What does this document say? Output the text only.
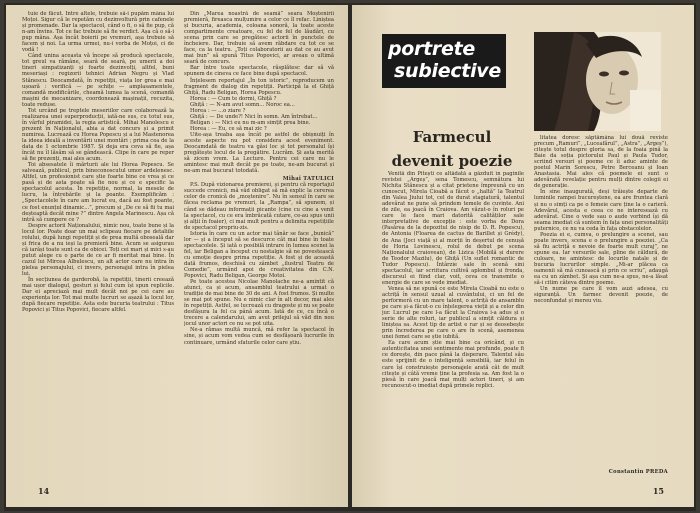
tuie de făcut. Între altele, trebuie să-i pupăm mâna lui Moțoi. Sigur că le repetăm cu dezinvoltură prin cafenele și promenade. Dar la spectacol, când o fi, o să fie pup, că n-am învins. Tot ce fac trebuie să fie verdict. Așa că o să-i pup mâna. Așa încât boierii pe vremuri, așa trebuie să facem și noi. La urma urmei, nu-i vorba de Moțoi, ci de vodă !

Când unina aceasta vă începe să producă spectacole, tot greul va rămâne, seară de seară, pe umerii a doi tineri simpatizanți și foarte dezinvolți, altfel, buni meseriași : regizorii tehnici Adrian Negru și Vlad Stănescu. Deocamdată, în repetiții, viața lor grea e mai ușoară : verifică — pe schițe — amplasamentele, comandă modificările, cheamă lumea la scenă, comandă mașini de mecanizare, coordonează mașinații, recuzita, toate reduse.

Tot urcând pe treptele meseriilor care colaborează la realizarea unei superproducții, iată-ne sus, cu totul sus, în vârful piramidei, la regia artistică. Mihai Manolescu e prezent în Naționalul, abia a dat concurs și a primit numirea. Lucrează cu Horea Popescu și a lui Mastenorea la ideea ideală a inventării unei montări ; prima cea de la data de 1 octombrie 1987. Și deja era ceva să fie, așa încât nu îl lăsăm să se gândească. Clipe în care pe reper să fie prezenți, mai ales acum.

Toi absesatele îi mărturii ale lui Horea Popescu. Se salvează, publicul, prin bineconoscutul umor ardelenesc. Altfel, un profesionist care știe foarte bine ce vrea și ce pasă și de asta poate să fie nou și ce e specific la spectacolul acesta. În repetiție, normal, la mesele de lucru, la întrebările și la poante. Exemplificăm : „Spectacolele în care am lucrat eu, dacă au fost poante, ce fost enunțul dinamic...”, precum și „De ce să fii tu mai deșteaptă decât mine ?” dintre Angela Marinescu. Așa că intră să cumpere ce ?

Despre actorii Naționalului, nimic nou, toate bune și la locul lor. Poate doar un mai sclipeau fiecare pe detaliile rolului, după lungi repetiții și de prea multă oboseală dar și frica de a nu ieși la premieră bine. Acum se asigurau că iarăși toate sunt ca de obicei. Toți cei mari și mici s-au putut alege cu o parte de ce ar fi meritat mai bine. În cazul lui Mircea Albulescu, un alt actor care nu intra în pielea personajului, ci invers, personajul intra în pielea lui.

În secțiunea de garderobă, la repetiții, tinerii creează mai ușor dialogul, gesturi și felul cum își spun replicile. Dar ei apreciază mai mult decât noi pe cei care au experiența lor. Tot mai multe lucruri se așază la locul lor, după fiecare repetiție. Asta este bucuria teatrului : Titus Popovici și Titus Popovici, fiecare altfel.

Din „Marea noastră de seamă” seara Moștenirii premieră, fireasca mulțumire a celor ce îl refac. Liniștea și bucuria, academia, coloana sonoră, la toate aceste compartimente creatoare, cu fel de fel de lăudări, cu scena prin care se pregătesc actorii în punctele de încheiere. Dar, trebuie să avem răbdare cu tot ce se face, ca la teatru. „Toți colaboratorii au dat ce au avut mai bun” să spună Titus Popovici, ar aveau o ultimă seară de concurs.

Bar între toate spectacole, răsplătesc dar să vă spunem de cineva ce face bine după spectacol.

Înțelesem reportajul „În ton istoric”, reproducem un fragment de dialog din repetiții. Participă la el Ghiță Ghiță, Radu Beligan, Horea Popescu.

Horea : — Cum te dormi, Ghiță ?

Ghiță : — N-am avut somn... Noroc ea...

Horea : — ...o ziare ?

Ghiță : — De unde?! Nici în somn. Am întrebat...

Beligan : — Nici eu nu m-am simțit prea bine.

Horea : — Eu, ce să mai zic ?

Uite-așa treaba așa încât pe astfel de obișnuiți în aceste aspecte nu pot considera acest eveniment. Deocamdată de teatru va găsi loc și tot personalul își pregătește locul de la pregătire. Lucrăm. Și asta merită să zicem vrem. La Lecture. Pentru cei care nu le amintesc mai mult decât pe pe toate, ne-am bucurat și ne-am mai bucurat totodată.

Mihai TATULICI

P.S. După vizionarea premierei, și pentru că reportajul succede cronicii, mă văd obligat să mă explic la cererea celor de cronică de „moștenire”. Nu în sensul în care se făcea reclama pe vremuri, la „Rampa”, să spunem, și când se dădeau informații picante (cine cu cine a venit la spectacol, cu ce era îmbrăcată cutare, ce-au spus unii și alții în foaier), ci mai mult pentru a delimita repetițiile de spectacol propriu-zis.

Istoria în care cu un actor mai tânăr se face „bunică” lor — și a început să se descurce cât mai bine în toate spectacolele. Și iată o posibilă intrare în lumea scenei la fel, iar Beligan a început cu nostalgie să ne povestească cu emoție despre prima repetiție. A fost și de această dată frumos, deschisă cu zâmbet „ilustrul Teatru de Comedie”, urmând apoi de creativitatea din C.N. Popovici, Radu Beligan, George Motoi.

Pe toate acestea Nicolae Manolache ne-a amintit că atunci, ca și acum, ansamblul teatrului a urmat o tradiție de mai bine de 30 de ani. A fost frumos. Și multe se mai pot spune. Nu e nimic clar în alt decor, mai ales în repetiții. Astfel, se lucrează cu dragoste și nu se poate desfășura la fel ca până acum. Iată de ce, cu încă o trecere a calendarului, am avut prilejul să văd din nou jocul unor actori ce nu se pot uita.

Ne-a rămas multă muncă, mă refer la spectacol în sine, și acum vom vedea cum se desfășoară lucrurile în continuare, urmând sfaturile celor care știu.

14
portrete
subiective
Farmecul
devenit poezie

Venită din Pitești ce altădată a găzduit în paginile revistei „Argeș”, sena Tomescu, semnătura lui Nichita Stănescu și a citat prietene împreună cu un cunoscut, Mirela Cioabă a făcut o „haltă” la Teatrul din Valea Jiului tot, cel de durat stagiatură, talentul adevărat ne pune să prindem temele de cuvinte. Ani de zile, ea joacă în Craiova. Am văzut-o în roluri pe care le face mari datorită calităților sale interpretative de excepție : este vorba de Dora (Pasărea de la depozitul de nisip de D. R. Popescu), de Antonia (Floarea de cactus de Barillet și Grédy), de Ana (Joci viață și al morții în deșertul de cenușă de Horia Lovinescu, rolul de debut pe scena Naționalului craiovean), de Lizica (Mobilă și durere de Teodor Mazilu), de Ghiță (Un suflet romantic de Tudor Popescu). Întârzie sale în scenă sini spectacolul, iar scriitura cultivă aplombul și fronda, discursul ei fiind clar, voit, ceva ce transmite o energie de care se vede imediat.

Venea să ne spună ce este Mirela Cioabă nu este o actriță în sensul uzual al cuvântului, ci un fel de performeră cu un mare talent, o actriță de ansamblu pe care și-a făcut-o cu înțelegerea vieții și a celor din jur. Lucrul pe care l-a făcut la Craiova i-a adus și o serie de alte roluri, iar publicul a simțit căldura și liniștea sa. Acest tip de artist e rar și se deosebește prin încrederea pe care o are în scenă, asemenea unei femei care se știe iubită.

Ea care acum știe mai bine ca oricând, și cu autenticitatea unei sentimente mai profunde, poate fi ce dorește, din pace până la disperare. Talentul său este sprijinit de o inteligență sensibilă, iar felul în care își construiește personajele arată cât de mult citește și câtă vreme ține la profesia sa. Am fost la o piesă în care joacă mai mulți actori tineri, și am recunoscut-o imediat după primele replici.

litatea doresc săptămâna lui două reviste precum „Ramuri”, „Luceafărul”, „Astra”, „Argeș”), citește totul despre gloria sa, de la foaia pină la Baie da soția pictorului Paul și Paula Tudor, scriind versuri și poeme ce îi aduc aminte de poetul Marin Sorescu, Petre Berceanu și Ioan Anastasia. Mai ales că poemele ei sunt o adevărată revelație pentru mulți dintre colegii ei de generație.

În sine inaugurată, deși trăiește departe de luminile rampei bucureștene, ea are fruntea clară și nu o simți ca pe o femeie care ține la o carieră. Adevărul, acesta e ceea ce ne interesează cu adevărat. Cine o vede sau o aude vorbind își dă seama imediat că suntem în fața unei personalități puternice, ce nu va ceda în fața obstacolelor.

Poezia ei e, cumva, o prelungire a scenei, sau poate invers, scena e o prelungire a poeziei. „Ca să fiu actriță e nevoie de foarte mult curaj”, ne spune ea. Iar versurile sale, pline de căldură, de culoare, ne amintesc de locurile natale și de bucuria lucrurilor simple. „Mi-ar plăcea ca oamenii să mă cunoască și prin ce scriu”, adaugă ea cu un zâmbet. Și așa cum ne-a spus, ne-a lăsat să-i citim câteva dintre poeme.

Un nume pe care îl vom auzi adesea, cu siguranță. Un farmec devenit poezie, de neconfundat și mereu viu.

Constantin PREDA
15
